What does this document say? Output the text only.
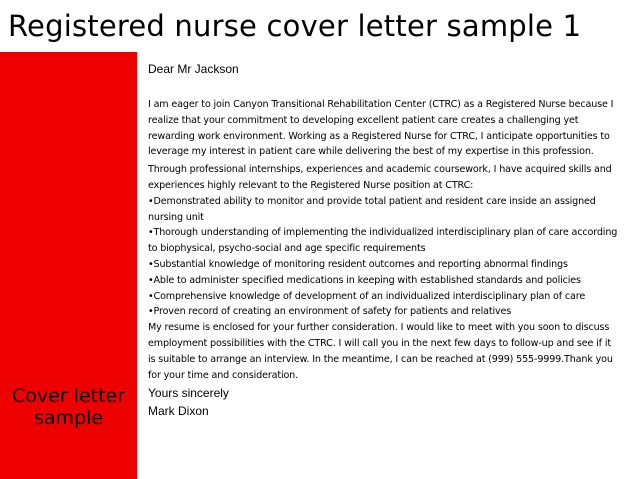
Registered nurse cover letter sample 1
Cover letter
sample

Dear Mr Jackson

I am eager to join Canyon Transitional Rehabilitation Center (CTRC) as a Registered Nurse because I realize that your commitment to developing excellent patient care creates a challenging yet rewarding work environment. Working as a Registered Nurse for CTRC, I anticipate opportunities to leverage my interest in patient care while delivering the best of my expertise in this profession.

Through professional internships, experiences and academic coursework, I have acquired skills and experiences highly relevant to the Registered Nurse position at CTRC:

• Demonstrated ability to monitor and provide total patient and resident care inside an assigned nursing unit
• Thorough understanding of implementing the individualized interdisciplinary plan of care according to biophysical, psycho-social and age specific requirements
• Substantial knowledge of monitoring resident outcomes and reporting abnormal findings
• Able to administer specified medications in keeping with established standards and policies
• Comprehensive knowledge of development of an individualized interdisciplinary plan of care
• Proven record of creating an environment of safety for patients and relatives

My resume is enclosed for your further consideration. I would like to meet with you soon to discuss employment possibilities with the CTRC. I will call you in the next few days to follow-up and see if it is suitable to arrange an interview. In the meantime, I can be reached at (999) 555-9999.Thank you for your time and consideration.

Yours sincerely

Mark Dixon
